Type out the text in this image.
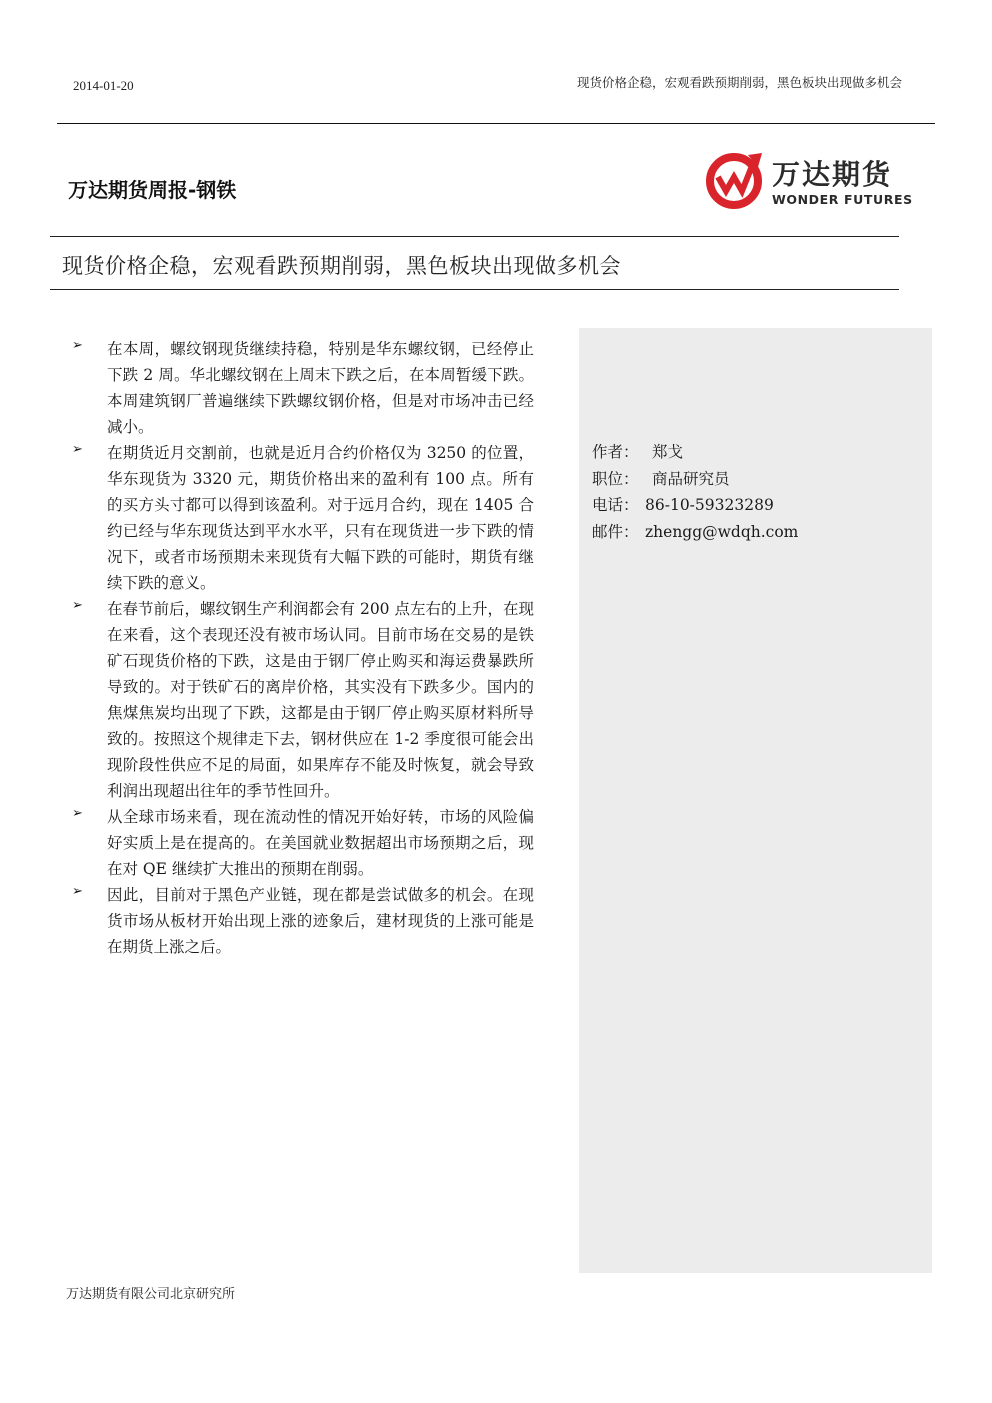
2014-01-20	现货价格企稳，宏观看跌预期削弱，黑色板块出现做多机会
万达期货周报-钢铁	万达期货
WONDER FUTURES
现货价格企稳，宏观看跌预期削弱，黑色板块出现做多机会
➢ 在本周，螺纹钢现货继续持稳，特别是华东螺纹钢，已经停止下跌 2 周。华北螺纹钢在上周末下跌之后，在本周暂缓下跌。本周建筑钢厂普遍继续下跌螺纹钢价格，但是对市场冲击已经减小。
➢ 在期货近月交割前，也就是近月合约价格仅为 3250 的位置，华东现货为 3320 元，期货价格出来的盈利有 100 点。所有的买方头寸都可以得到该盈利。对于远月合约，现在 1405 合约已经与华东现货达到平水水平，只有在现货进一步下跌的情况下，或者市场预期未来现货有大幅下跌的可能时，期货有继续下跌的意义。
➢ 在春节前后，螺纹钢生产利润都会有 200 点左右的上升，在现在来看，这个表现还没有被市场认同。目前市场在交易的是铁矿石现货价格的下跌，这是由于钢厂停止购买和海运费暴跌所导致的。对于铁矿石的离岸价格，其实没有下跌多少。国内的焦煤焦炭均出现了下跌，这都是由于钢厂停止购买原材料所导致的。按照这个规律走下去，钢材供应在 1-2 季度很可能会出现阶段性供应不足的局面，如果库存不能及时恢复，就会导致利润出现超出往年的季节性回升。
➢ 从全球市场来看，现在流动性的情况开始好转，市场的风险偏好实质上是在提高的。在美国就业数据超出市场预期之后，现在对 QE 继续扩大推出的预期在削弱。
➢ 因此，目前对于黑色产业链，现在都是尝试做多的机会。在现货市场从板材开始出现上涨的迹象后，建材现货的上涨可能是在期货上涨之后。
作者： 郑戈
职位： 商品研究员
电话： 86-10-59323289
邮件： zhengg@wdqh.com
万达期货有限公司北京研究所
